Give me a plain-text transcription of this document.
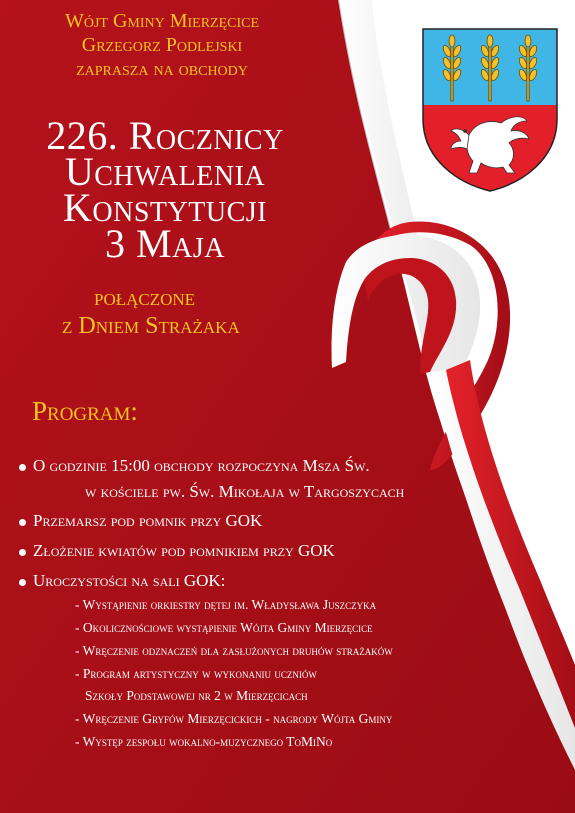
Wójt Gminy Mierzęcice
Grzegorz Podlejski
zaprasza na obchody
226. Rocznicy
Uchwalenia
Konstytucji
3 Maja
połączone
z Dniem Strażaka
Program:
O godzinie 15:00 obchody rozpoczyna Msza Św.
w kościele pw. Św. Mikołaja w Targoszycach
Przemarsz pod pomnik przy GOK
Złożenie kwiatów pod pomnikiem przy GOK
Uroczystości na sali GOK:
- Wystąpienie orkiestry dętej im. Władysława Juszczyka
- Okolicznościowe wystąpienie Wójta Gminy Mierzęcice
- Wręczenie odznaczeń dla zasłużonych druhów strażaków
- Program artystyczny w wykonaniu uczniów
Szkoły Podstawowej nr 2 w Mierzęcicach
- Wręczenie Gryfów Mierzęcickich - nagrody Wójta Gminy
- Występ zespołu wokalno-muzycznego ToMiNo
